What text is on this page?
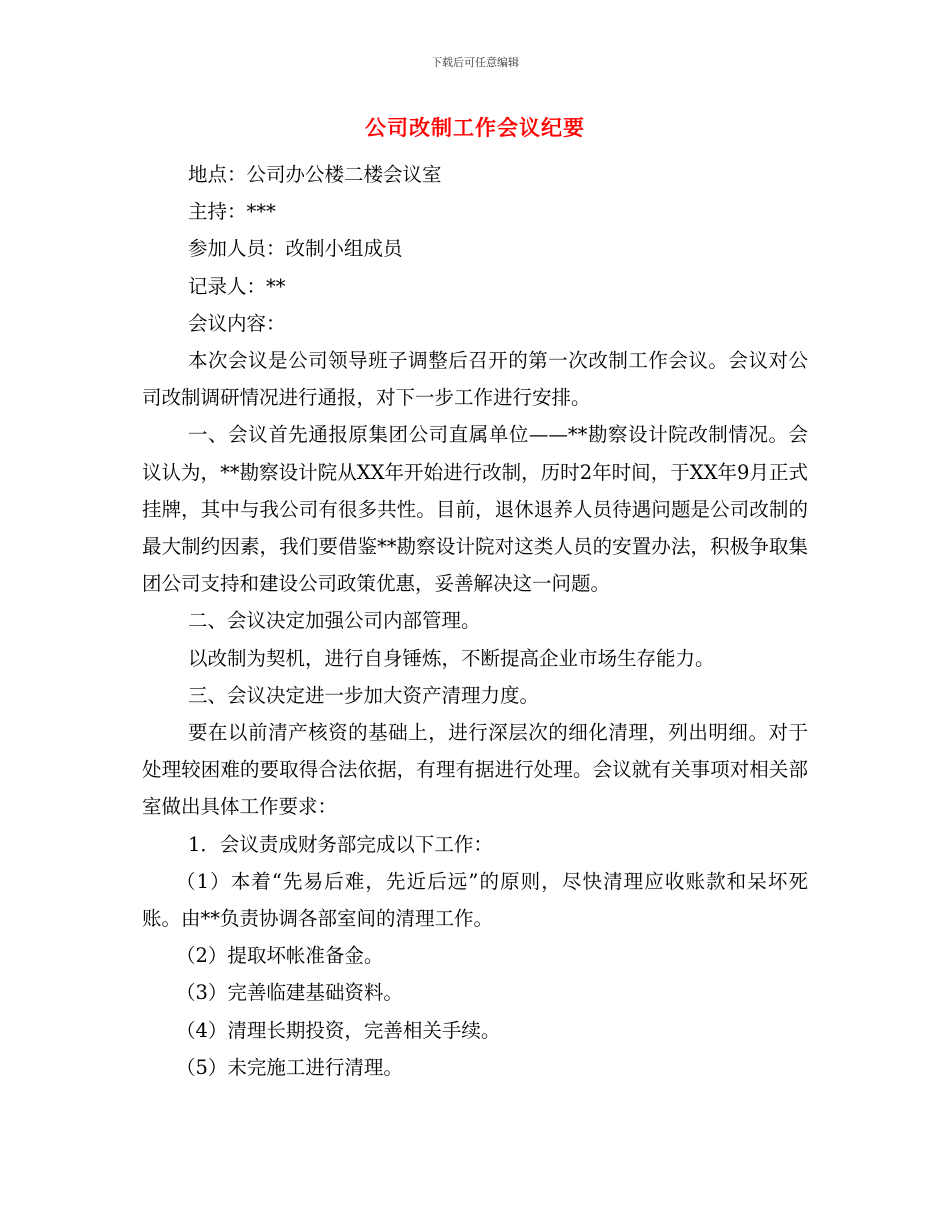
下载后可任意编辑
公司改制工作会议纪要

地点：公司办公楼二楼会议室

主持：***

参加人员：改制小组成员

记录人：**

会议内容：

本次会议是公司领导班子调整后召开的第一次改制工作会议。会议对公司改制调研情况进行通报，对下一步工作进行安排。

一、会议首先通报原集团公司直属单位——**勘察设计院改制情况。会议认为，**勘察设计院从XX年开始进行改制，历时2年时间，于XX年9月正式挂牌，其中与我公司有很多共性。目前，退休退养人员待遇问题是公司改制的最大制约因素，我们要借鉴**勘察设计院对这类人员的安置办法，积极争取集团公司支持和建设公司政策优惠，妥善解决这一问题。

二、会议决定加强公司内部管理。

以改制为契机，进行自身锤炼，不断提高企业市场生存能力。

三、会议决定进一步加大资产清理力度。

要在以前清产核资的基础上，进行深层次的细化清理，列出明细。对于处理较困难的要取得合法依据，有理有据进行处理。会议就有关事项对相关部室做出具体工作要求：

1．会议责成财务部完成以下工作：

（1）本着“先易后难，先近后远”的原则，尽快清理应收账款和呆坏死账。由**负责协调各部室间的清理工作。

（2）提取坏帐准备金。

（3）完善临建基础资料。

（4）清理长期投资，完善相关手续。

（5）未完施工进行清理。
